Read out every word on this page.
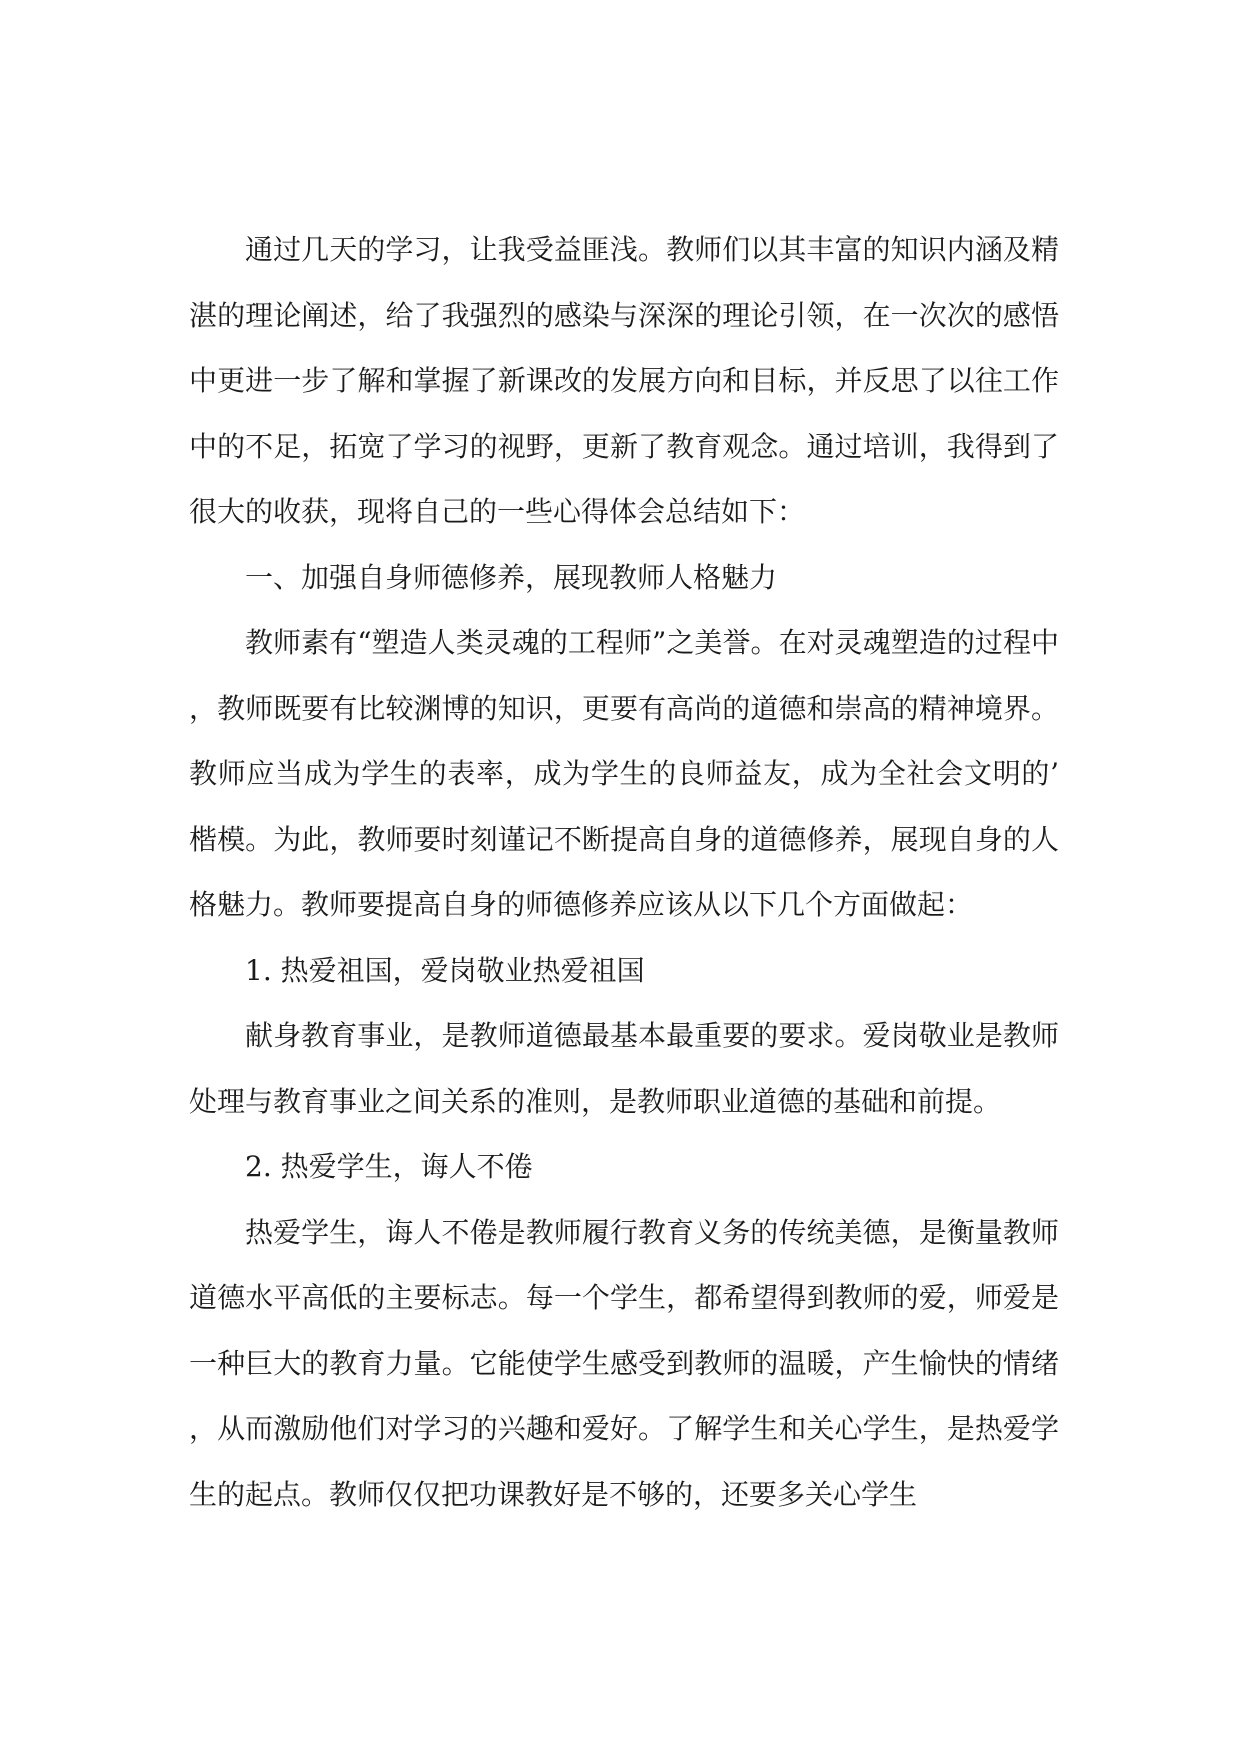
通过几天的学习，让我受益匪浅。教师们以其丰富的知识内涵及精湛的理论阐述，给了我强烈的感染与深深的理论引领，在一次次的感悟中更进一步了解和掌握了新课改的发展方向和目标，并反思了以往工作中的不足，拓宽了学习的视野，更新了教育观念。通过培训，我得到了很大的收获，现将自己的一些心得体会总结如下：

一、加强自身师德修养，展现教师人格魅力

教师素有“塑造人类灵魂的工程师”之美誉。在对灵魂塑造的过程中，教师既要有比较渊博的知识，更要有高尚的道德和崇高的精神境界。教师应当成为学生的表率，成为学生的良师益友，成为全社会文明的’楷模。为此，教师要时刻谨记不断提高自身的道德修养，展现自身的人格魅力。教师要提高自身的师德修养应该从以下几个方面做起：

1. 热爱祖国，爱岗敬业热爱祖国

献身教育事业，是教师道德最基本最重要的要求。爱岗敬业是教师处理与教育事业之间关系的准则，是教师职业道德的基础和前提。

2. 热爱学生，诲人不倦

热爱学生，诲人不倦是教师履行教育义务的传统美德，是衡量教师道德水平高低的主要标志。每一个学生，都希望得到教师的爱，师爱是一种巨大的教育力量。它能使学生感受到教师的温暖，产生愉快的情绪，从而激励他们对学习的兴趣和爱好。了解学生和关心学生，是热爱学生的起点。教师仅仅把功课教好是不够的，还要多关心学生
